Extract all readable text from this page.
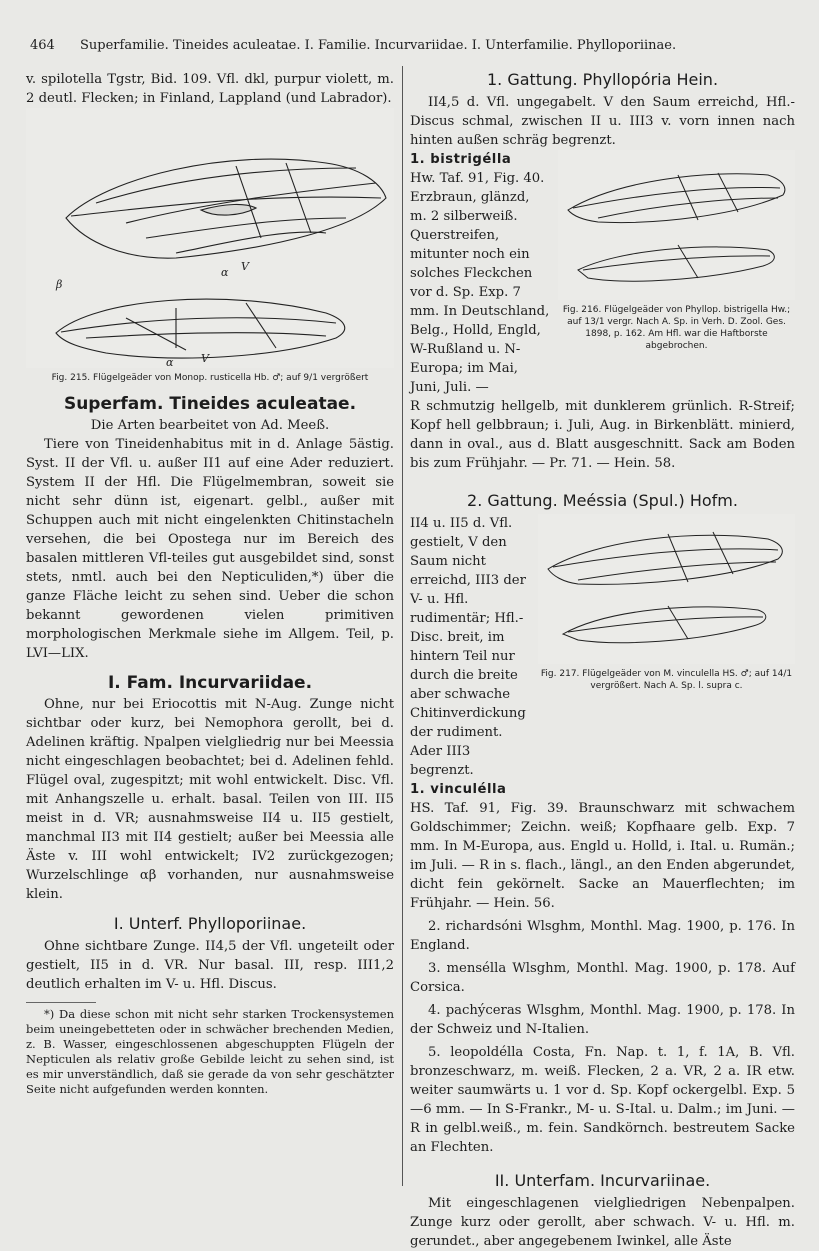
464	Superfamilie. Tineides aculeatae. I. Familie. Incurvariidae. I. Unterfamilie. Phylloporiinae.

v. spilotella Tgstr, Bid. 109. Vfl. dkl, purpur violett, m. 2 deutl. Flecken; in Finland, Lappland (und Labrador).

β
V
α
α	V

Fig. 215. Flügelgeäder von Monop. rusticella Hb. ♂; auf 9/1 vergrößert

Superfam. Tineides aculeatae.

Die Arten bearbeitet von Ad. Meeß.

Tiere von Tineidenhabitus mit in d. Anlage 5ästig. Syst. II der Vfl. u. außer II1 auf eine Ader reduziert. System II der Hfl. Die Flügelmembran, soweit sie nicht sehr dünn ist, eigenart. gelbl., außer mit Schuppen auch mit nicht eingelenkten Chitinstacheln versehen, die bei Opostega nur im Bereich des basalen mittleren Vfl-teiles gut ausgebildet sind, sonst stets, nmtl. auch bei den Nepticuliden,*) über die ganze Fläche leicht zu sehen sind. Ueber die schon bekannt gewordenen vielen primitiven morphologischen Merkmale siehe im Allgem. Teil, p. LVI—LIX.

I. Fam. Incurvariidae.

Ohne, nur bei Eriocottis mit N-Aug. Zunge nicht sichtbar oder kurz, bei Nemophora gerollt, bei d. Adelinen kräftig. Npalpen vielgliedrig nur bei Meessia nicht eingeschlagen beobachtet; bei d. Adelinen fehld. Flügel oval, zugespitzt; mit wohl entwickelt. Disc. Vfl. mit Anhangszelle u. erhalt. basal. Teilen von III. II5 meist in d. VR; ausnahmsweise II4 u. II5 gestielt, manchmal II3 mit II4 gestielt; außer bei Meessia alle Äste v. III wohl entwickelt; IV2 zurückgezogen; Wurzelschlinge αβ vorhanden, nur ausnahmsweise klein.

I. Unterf. Phylloporiinae.

Ohne sichtbare Zunge. II4,5 der Vfl. ungeteilt oder gestielt, II5 in d. VR. Nur basal. III, resp. III1,2 deutlich erhalten im V- u. Hfl. Discus.

*) Da diese schon mit nicht sehr starken Trockensystemen beim uneingebetteten oder in schwächer brechenden Medien, z. B. Wasser, eingeschlossenen abgeschuppten Flügeln der Nepticulen als relativ große Gebilde leicht zu sehen sind, ist es mir unverständlich, daß sie gerade da von sehr geschätzter Seite nicht aufgefunden werden konnten.

1. Gattung. Phyllopória Hein.

II4,5 d. Vfl. ungegabelt. V den Saum erreichd, Hfl.-Discus schmal, zwischen II u. III3 v. vorn innen nach hinten außen schräg begrenzt.

1. bistrigélla

Hw. Taf. 91, Fig. 40. Erzbraun, glänzd, m. 2 silberweiß. Querstreifen, mitunter noch ein solches Fleckchen vor d. Sp. Exp. 7 mm. In Deutschland, Belg., Holld, Engld, W-Rußland u. N-Europa; im Mai, Juni, Juli. —

Fig. 216. Flügelgeäder von Phyllop. bistrigella Hw.; auf 13/1 vergr. Nach A. Sp. in Verh. D. Zool. Ges. 1898, p. 162. Am Hfl. war die Haftborste abgebrochen.

R schmutzig hellgelb, mit dunklerem grünlich. R-Streif; Kopf hell gelbbraun; i. Juli, Aug. in Birkenblätt. minierd, dann in oval., aus d. Blatt ausgeschnitt. Sack am Boden bis zum Frühjahr. — Pr. 71. — Hein. 58.

2. Gattung. Meéssia (Spul.) Hofm.

II4 u. II5 d. Vfl. gestielt, V den Saum nicht erreichd, III3 der V- u. Hfl. rudimentär; Hfl.-Disc. breit, im hintern Teil nur durch die breite aber schwache Chitinverdickung der rudiment. Ader III3 begrenzt.

1. vinculélla

Fig. 217. Flügelgeäder von M. vinculella HS. ♂; auf 14/1 vergrößert. Nach A. Sp. l. supra c.

HS. Taf. 91, Fig. 39. Braunschwarz mit schwachem Goldschimmer; Zeichn. weiß; Kopfhaare gelb. Exp. 7 mm. In M-Europa, aus. Engld u. Holld, i. Ital. u. Rumän.; im Juli. — R in s. flach., längl., an den Enden abgerundet, dicht fein gekörnelt. Sacke an Mauerflechten; im Frühjahr. — Hein. 56.

2. richardsóni Wlsghm, Monthl. Mag. 1900, p. 176. In England.

3. mensélla Wlsghm, Monthl. Mag. 1900, p. 178. Auf Corsica.

4. pachýceras Wlsghm, Monthl. Mag. 1900, p. 178. In der Schweiz und N-Italien.

5. leopoldélla Costa, Fn. Nap. t. 1, f. 1A, B. Vfl. bronzeschwarz, m. weiß. Flecken, 2 a. VR, 2 a. IR etw. weiter saumwärts u. 1 vor d. Sp. Kopf ockergelbl. Exp. 5—6 mm. — In S-Frankr., M- u. S-Ital. u. Dalm.; im Juni. — R in gelbl.weiß., m. fein. Sandkörnch. bestreutem Sacke an Flechten.

II. Unterfam. Incurvariinae.

Mit eingeschlagenen vielgliedrigen Nebenpalpen. Zunge kurz oder gerollt, aber schwach. V- u. Hfl. m. gerundet., aber angegebenem Iwinkel, alle Äste
